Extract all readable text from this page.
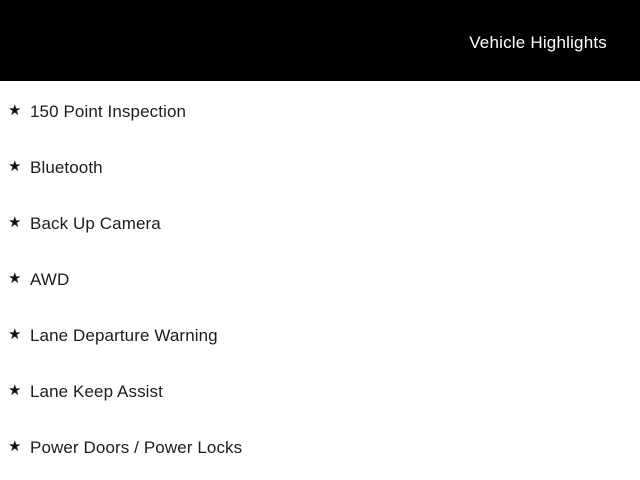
Vehicle Highlights
★ 150 Point Inspection
★ Bluetooth
★ Back Up Camera
★ AWD
★ Lane Departure Warning
★ Lane Keep Assist
★ Power Doors / Power Locks
